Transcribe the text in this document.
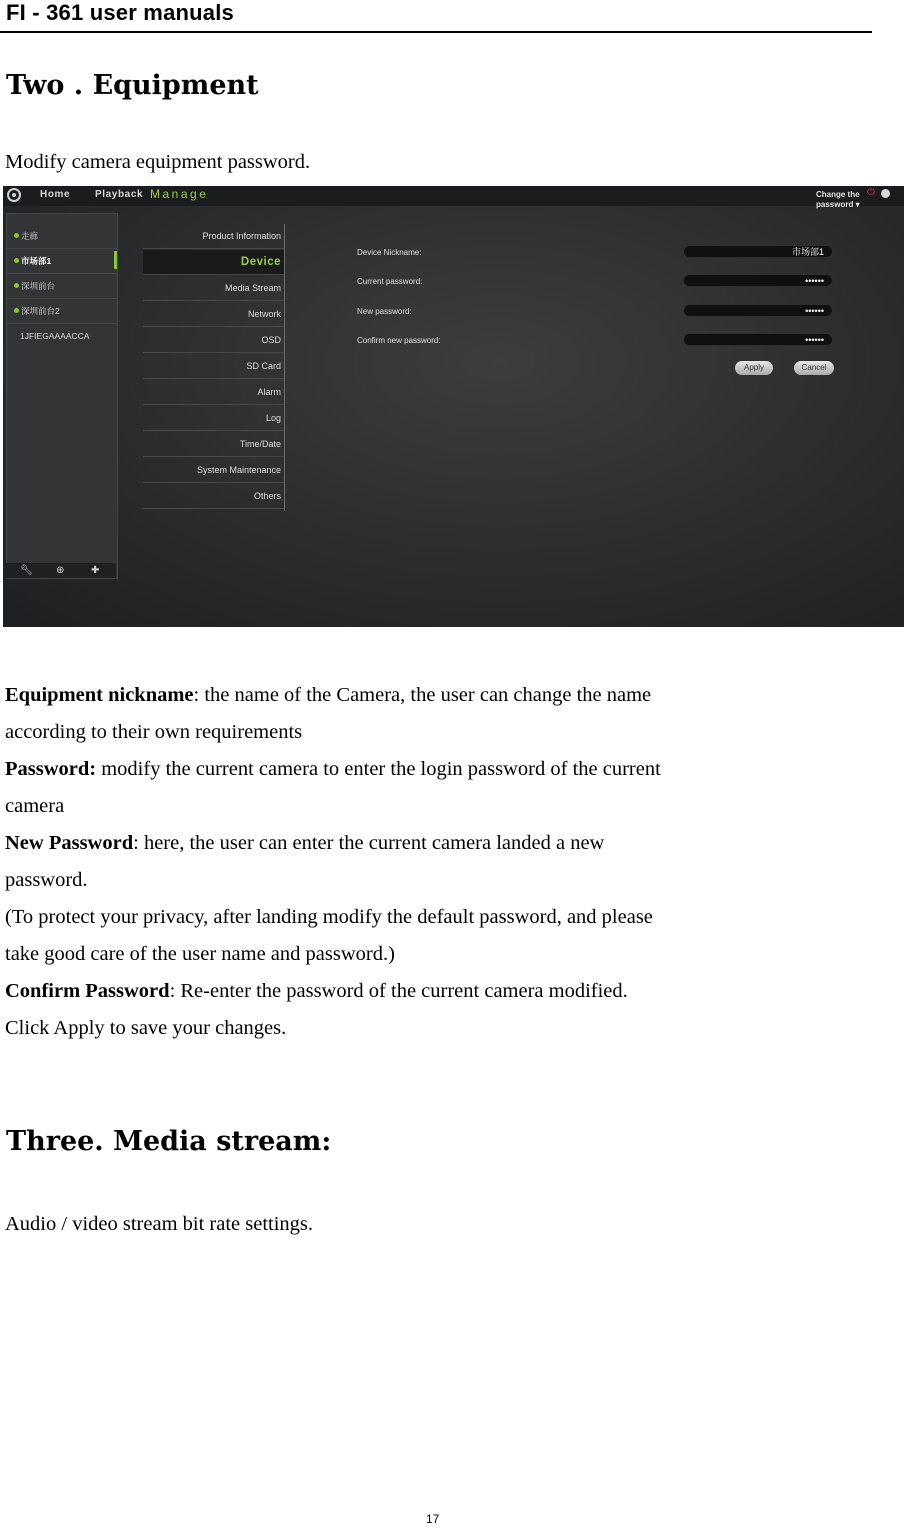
FI - 361 user manuals
Two . Equipment
Modify camera equipment password.
Home Playback Manage	Change the
password ▾
⏻
走廊
市场部1
深圳前台
深圳前台2
1JFIEGAAAACCA
🔧︎ ⊕	✚
Product Information
Device
Media Stream
Network
OSD
SD Card
Alarm
Log
Time/Date
System Maintenance
Others
Device Nickname:	市场部1
Current password:	••••••
New password:	••••••
Confirm new password:	••••••
Apply	Cancel
Equipment nickname: the name of the Camera, the user can change the name
according to their own requirements
Password: modify the current camera to enter the login password of the current
camera
New Password: here, the user can enter the current camera landed a new
password.
(To protect your privacy, after landing modify the default password, and please
take good care of the user name and password.)
Confirm Password: Re-enter the password of the current camera modified.
Click Apply to save your changes.
Three. Media stream:
Audio / video stream bit rate settings.
17
